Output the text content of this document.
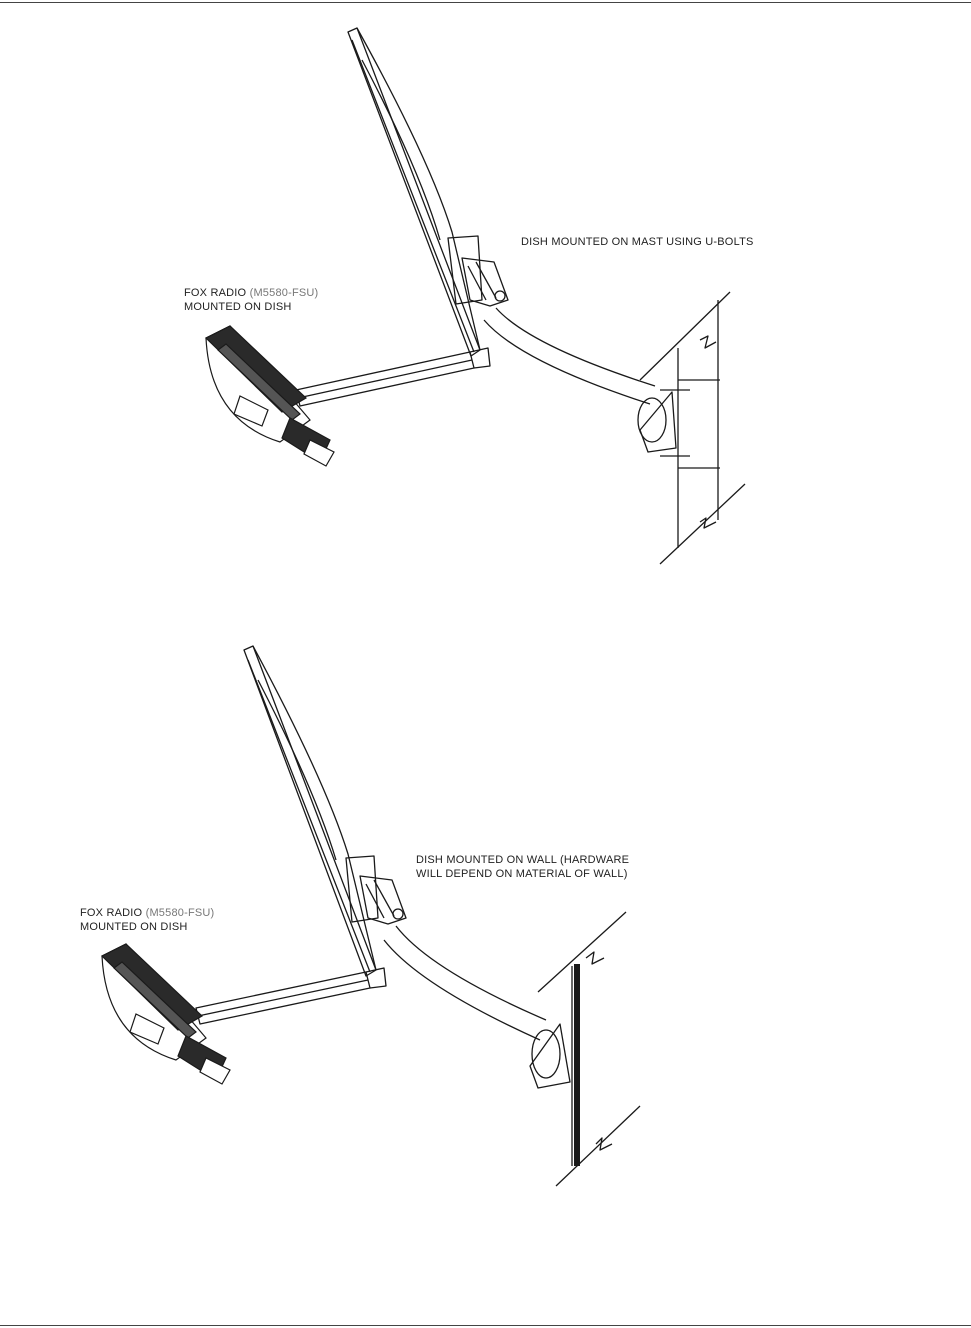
FOX RADIO (M5580-FSU)
MOUNTED ON DISH
DISH MOUNTED ON MAST USING U-BOLTS
FOX RADIO (M5580-FSU)
MOUNTED ON DISH
DISH MOUNTED ON WALL (HARDWARE
WILL DEPEND ON MATERIAL OF WALL)
